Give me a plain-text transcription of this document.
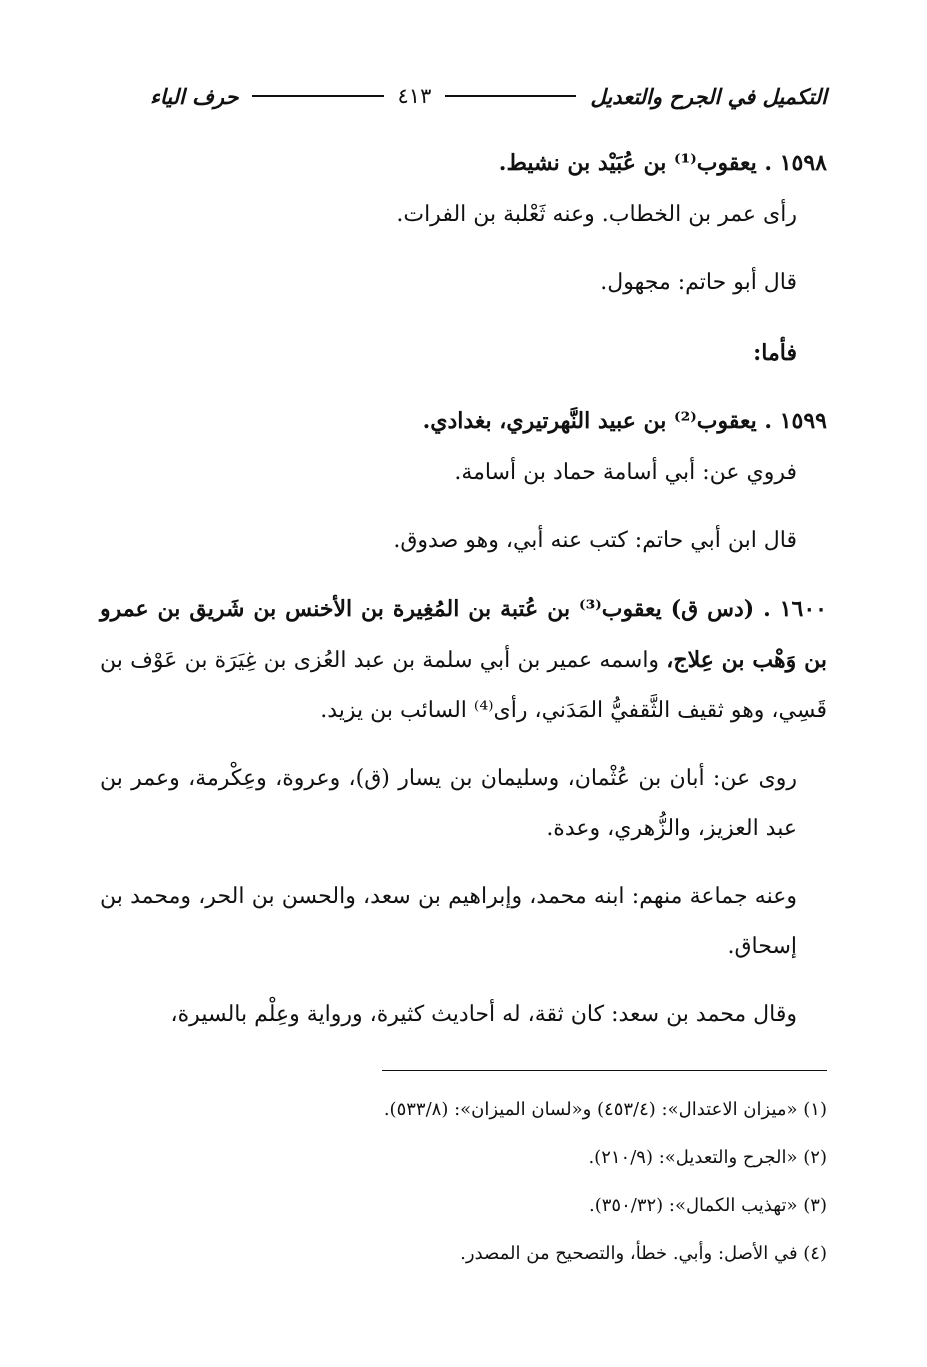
التكميل في الجرح والتعديل
٤١٣
حرف الياء

١٥٩٨ . يعقوب⁽¹⁾ بن عُبَيْد بن نشيط.

رأى عمر بن الخطاب. وعنه ثَعْلبة بن الفرات.

قال أبو حاتم: مجهول.

فأما:

١٥٩٩ . يعقوب⁽²⁾ بن عبيد النَّهرتيري، بغدادي.

فروي عن: أبي أسامة حماد بن أسامة.

قال ابن أبي حاتم: كتب عنه أبي، وهو صدوق.

١٦٠٠ . (دس ق) يعقوب⁽³⁾ بن عُتبة بن المُغِيرة بن الأخنس بن شَريق بن عمرو بن وَهْب بن عِلاج، واسمه عمير بن أبي سلمة بن عبد العُزى بن غِيَرَة بن عَوْف بن قَسِي، وهو ثقيف الثَّقفيُّ المَدَني، رأى⁽⁴⁾ السائب بن يزيد.

روى عن: أبان بن عُثْمان، وسليمان بن يسار (ق)، وعروة، وعِكْرمة، وعمر بن عبد العزيز، والزُّهري، وعدة.

وعنه جماعة منهم: ابنه محمد، وإبراهيم بن سعد، والحسن بن الحر، ومحمد بن إسحاق.

وقال محمد بن سعد: كان ثقة، له أحاديث كثيرة، ورواية وعِلْم بالسيرة،

(١) «ميزان الاعتدال»: (٤٥٣/٤) و«لسان الميزان»: (٥٣٣/٨).
(٢) «الجرح والتعديل»: (٢١٠/٩).
(٣) «تهذيب الكمال»: (٣٥٠/٣٢).
(٤) في الأصل: وأبي. خطأ، والتصحيح من المصدر.
